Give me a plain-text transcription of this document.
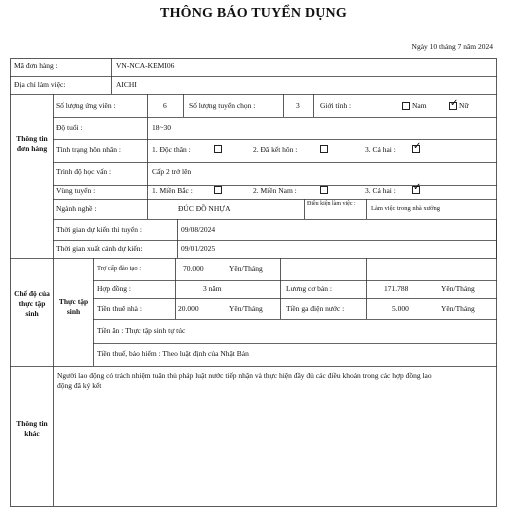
THÔNG BÁO TUYỂN DỤNG
Ngày 10 tháng 7 năm 2024
Mã đơn hàng :	VN-NCA-KEMI06
Địa chỉ làm việc:	AICHI
Thông tin đơn hàng
Chế độ của thực tập sinh
Thực tập sinh
Thông tin khác
Số lượng ứng viên :	6	Số lượng tuyển chọn :	3	Giới tính :	Nam
✓	Nữ
Độ tuổi :	18~30
Tình trạng hôn nhân :	1. Độc thân :	2. Đã kết hôn :	3. Cả hai :
✓
Trình độ học vấn :	Cấp 2 trở lên
Vùng tuyển :	1. Miền Bắc :	2. Miền Nam :	3. Cả hai :
✓
Ngành nghề :	ĐÚC ĐỒ NHỰA	Điều kiện làm việc :
Làm việc trong nhà xưởng
Thời gian dự kiến thi tuyển :	09/08/2024
Thời gian xuất cảnh dự kiến:	09/01/2025
Trợ cấp đào tạo :	70.000	Yên/Tháng
Hợp đồng :	3 năm	Lương cơ bản :	171.788	Yên/Tháng
Tiền thuê nhà :	20.000	Yên/Tháng	Tiền ga điện nước :	5.000	Yên/Tháng
Tiền ăn : Thực tập sinh tự túc
Tiền thuế, bảo hiểm : Theo luật định của Nhật Bản
Người lao động có trách nhiệm tuân thủ pháp luật nước tiếp nhận và thực hiện đầy đủ các điều khoản trong các hợp đồng lao động đã ký kết
